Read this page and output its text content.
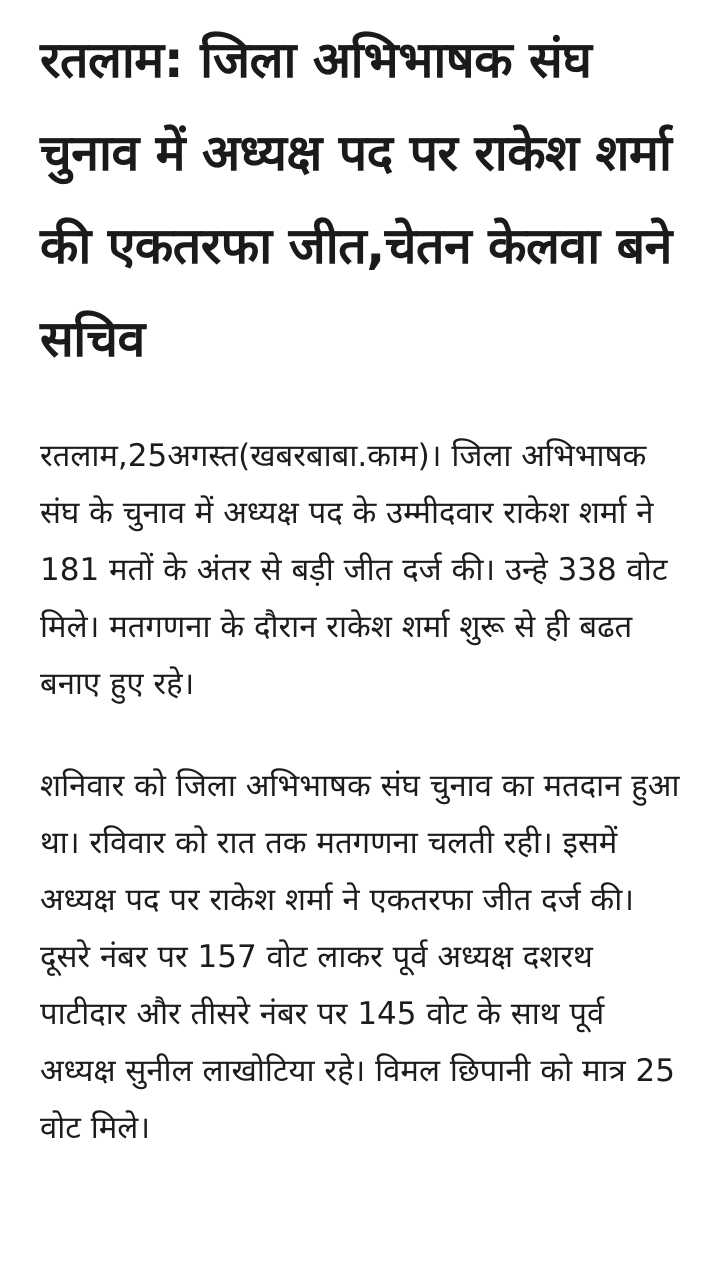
रतलाम: जिला अभिभाषक संघ चुनाव में अध्यक्ष पद पर राकेश शर्मा की एकतरफा जीत,चेतन केलवा बने सचिव

रतलाम,25अगस्त(खबरबाबा.काम)। जिला अभिभाषक संघ के चुनाव में अध्यक्ष पद के उम्मीदवार राकेश शर्मा ने 181 मतों के अंतर से बड़ी जीत दर्ज की। उन्हे 338 वोट मिले। मतगणना के दौरान राकेश शर्मा शुरू से ही बढत बनाए हुए रहे।

शनिवार को जिला अभिभाषक संघ चुनाव का मतदान हुआ था। रविवार को रात तक मतगणना चलती रही। इसमें अध्यक्ष पद पर राकेश शर्मा ने एकतरफा जीत दर्ज की।दूसरे नंबर पर 157 वोट लाकर पूर्व अध्यक्ष दशरथ पाटीदार और तीसरे नंबर पर 145 वोट के साथ पूर्व अध्यक्ष सुनील लाखोटिया रहे। विमल छिपानी को मात्र 25 वोट मिले।
